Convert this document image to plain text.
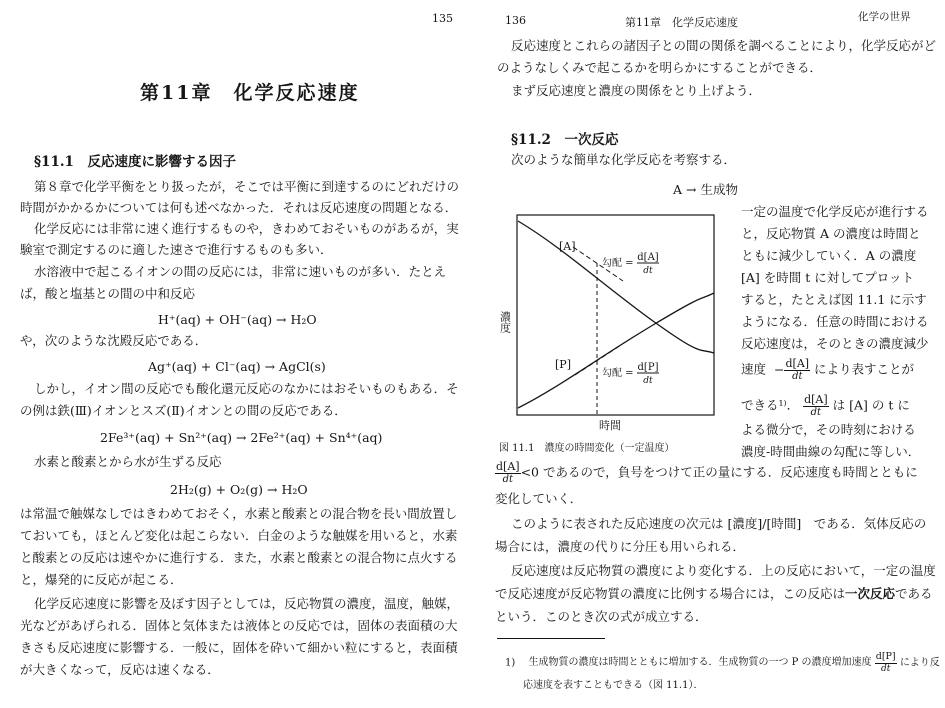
135
第11章　化学反応速度
§11.1　反応速度に影響する因子
第８章で化学平衡をとり扱ったが，そこでは平衡に到達するのにどれだけの
時間がかかるかについては何も述べなかった．それは反応速度の問題となる．
化学反応には非常に速く進行するものや，きわめておそいものがあるが，実
験室で測定するのに適した速さで進行するものも多い．
水溶液中で起こるイオンの間の反応には，非常に速いものが多い．たとえ
ば，酸と塩基との間の中和反応
H⁺(aq) + OH⁻(aq) → H₂O
や，次のような沈殿反応である．
Ag⁺(aq) + Cl⁻(aq) → AgCl(s)
しかし，イオン間の反応でも酸化還元反応のなかにはおそいものもある．そ
の例は鉄(Ⅲ)イオンとスズ(Ⅱ)イオンとの間の反応である．
2Fe³⁺(aq) + Sn²⁺(aq) → 2Fe²⁺(aq) + Sn⁴⁺(aq)
水素と酸素とから水が生ずる反応
2H₂(g) + O₂(g) → H₂O
は常温で触媒なしではきわめておそく，水素と酸素との混合物を長い間放置し
ておいても，ほとんど変化は起こらない．白金のような触媒を用いると，水素
と酸素との反応は速やかに進行する．また，水素と酸素との混合物に点火する
と，爆発的に反応が起こる．
化学反応速度に影響を及ぼす因子としては，反応物質の濃度，温度，触媒，
光などがあげられる．固体と気体または液体との反応では，固体の表面積の大
きさも反応速度に影響する．一般に，固体を砕いて細かい粒にすると，表面積
が大きくなって，反応は速くなる．
136	第11章　化学反応速度	化学の世界
反応速度とこれらの諸因子との間の関係を調べることにより，化学反応がど
のようなしくみで起こるかを明らかにすることができる．
まず反応速度と濃度の関係をとり上げよう．
§11.2　一次反応
次のような簡単な化学反応を考察する．
A → 生成物
濃度
時間
[A]
[P]
勾配 =
勾配 =
d[A]
dt
d[P]
dt
図 11.1　濃度の時間変化（一定温度）
一定の温度で化学反応が進行する
と，反応物質 A の濃度は時間と
ともに減少していく．A の濃度
[A] を時間 t に対してプロット
すると，たとえば図 11.1 に示す
ようになる．任意の時間における
反応速度は，そのときの濃度減少
速度 − $\frac{d[A]}{dt}$ により表すことが
できる¹⁾． $\frac{d[A]}{dt}$ は [A] の t に
よる微分で，その時刻における
濃度-時間曲線の勾配に等しい．
$\frac{d[A]}{dt} <0$ であるので，負号をつけて正の量にする．反応速度も時間とともに
変化していく．
このように表された反応速度の次元は [濃度]/[時間]　である．気体反応の
場合には，濃度の代りに分圧も用いられる．
反応速度は反応物質の濃度により変化する．上の反応において，一定の温度
で反応速度が反応物質の濃度に比例する場合には，この反応は一次反応である
という．このとき次の式が成立する．
1) 生成物質の濃度は時間とともに増加する．生成物質の一つ P の濃度増加速度 $\frac{d[P]}{dt}$ により反
応速度を表すこともできる（図 11.1）．
